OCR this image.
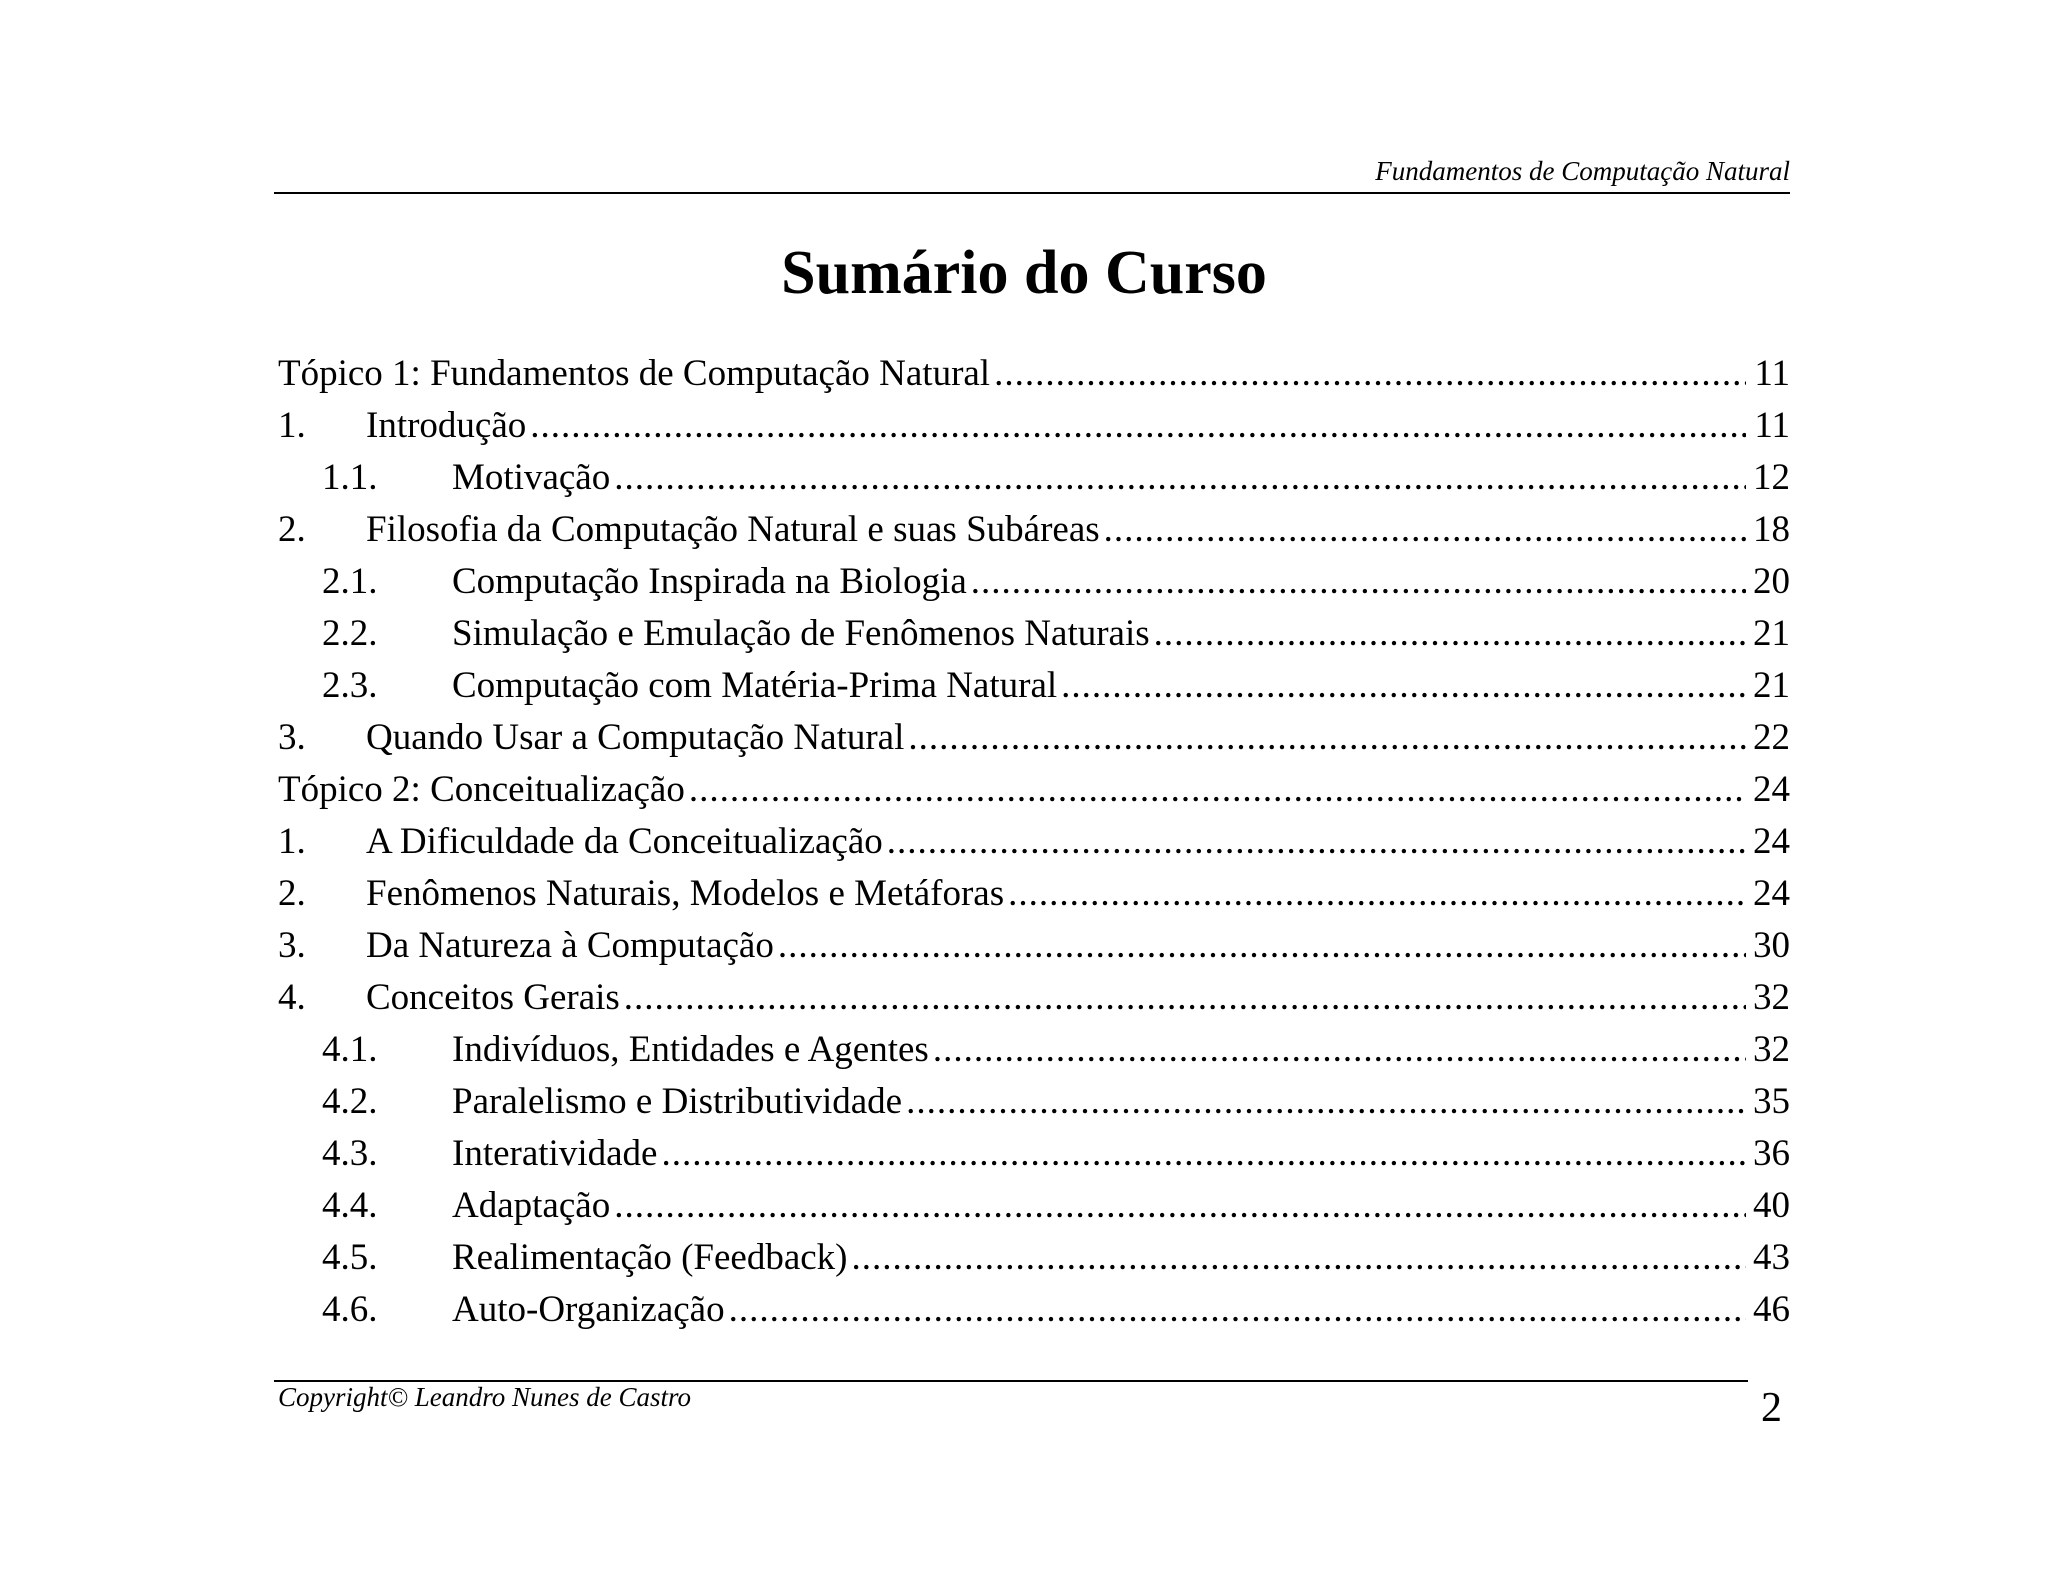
Fundamentos de Computação Natural
Sumário do Curso
Tópico 1: Fundamentos de Computação Natural .....	11
1.	Introdução .....	11
1.1.	Motivação .....	12
2.	Filosofia da Computação Natural e suas Subáreas .....	18
2.1.	Computação Inspirada na Biologia .....	20
2.2.	Simulação e Emulação de Fenômenos Naturais .....	21
2.3.	Computação com Matéria-Prima Natural .....	21
3.	Quando Usar a Computação Natural .....	22
Tópico 2: Conceitualização .....	24
1.	A Dificuldade da Conceitualização .....	24
2.	Fenômenos Naturais, Modelos e Metáforas .....	24
3.	Da Natureza à Computação .....	30
4.	Conceitos Gerais .....	32
4.1.	Indivíduos, Entidades e Agentes .....	32
4.2.	Paralelismo e Distributividade .....	35
4.3.	Interatividade .....	36
4.4.	Adaptação .....	40
4.5.	Realimentação (Feedback) .....	43
4.6.	Auto-Organização .....	46
Copyright© Leandro Nunes de Castro	2
